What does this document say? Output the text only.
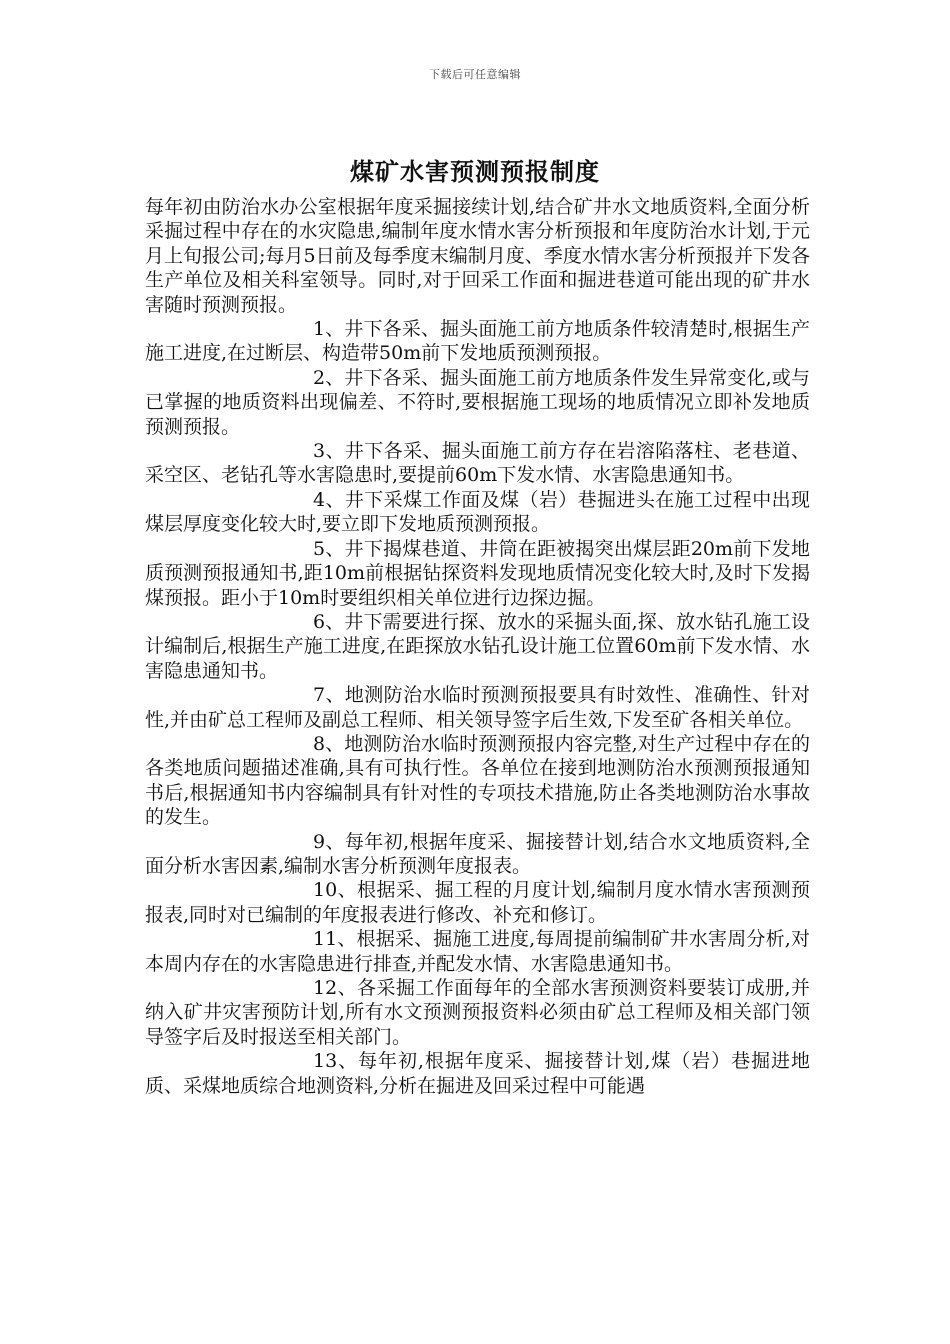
下载后可任意编辑
煤矿水害预测预报制度

每年初由防治水办公室根据年度采掘接续计划,结合矿井水文地质资料,全面分析采掘过程中存在的水灾隐患,编制年度水情水害分析预报和年度防治水计划,于元月上旬报公司;每月5日前及每季度末编制月度、季度水情水害分析预报并下发各生产单位及相关科室领导。同时,对于回采工作面和掘进巷道可能出现的矿井水害随时预测预报。

1、井下各采、掘头面施工前方地质条件较清楚时,根据生产施工进度,在过断层、构造带50m前下发地质预测预报。

2、井下各采、掘头面施工前方地质条件发生异常变化,或与已掌握的地质资料出现偏差、不符时,要根据施工现场的地质情况立即补发地质预测预报。

3、井下各采、掘头面施工前方存在岩溶陷落柱、老巷道、采空区、老钻孔等水害隐患时,要提前60m下发水情、水害隐患通知书。

4、井下采煤工作面及煤（岩）巷掘进头在施工过程中出现煤层厚度变化较大时,要立即下发地质预测预报。

5、井下揭煤巷道、井筒在距被揭突出煤层距20m前下发地质预测预报通知书,距10m前根据钻探资料发现地质情况变化较大时,及时下发揭煤预报。距小于10m时要组织相关单位进行边探边掘。

6、井下需要进行探、放水的采掘头面,探、放水钻孔施工设计编制后,根据生产施工进度,在距探放水钻孔设计施工位置60m前下发水情、水害隐患通知书。

7、地测防治水临时预测预报要具有时效性、准确性、针对性,并由矿总工程师及副总工程师、相关领导签字后生效,下发至矿各相关单位。

8、地测防治水临时预测预报内容完整,对生产过程中存在的各类地质问题描述准确,具有可执行性。各单位在接到地测防治水预测预报通知书后,根据通知书内容编制具有针对性的专项技术措施,防止各类地测防治水事故的发生。

9、每年初,根据年度采、掘接替计划,结合水文地质资料,全面分析水害因素,编制水害分析预测年度报表。

10、根据采、掘工程的月度计划,编制月度水情水害预测预报表,同时对已编制的年度报表进行修改、补充和修订。

11、根据采、掘施工进度,每周提前编制矿井水害周分析,对本周内存在的水害隐患进行排查,并配发水情、水害隐患通知书。

12、各采掘工作面每年的全部水害预测资料要装订成册,并纳入矿井灾害预防计划,所有水文预测预报资料必须由矿总工程师及相关部门领导签字后及时报送至相关部门。

13、每年初,根据年度采、掘接替计划,煤（岩）巷掘进地质、采煤地质综合地测资料,分析在掘进及回采过程中可能遇
